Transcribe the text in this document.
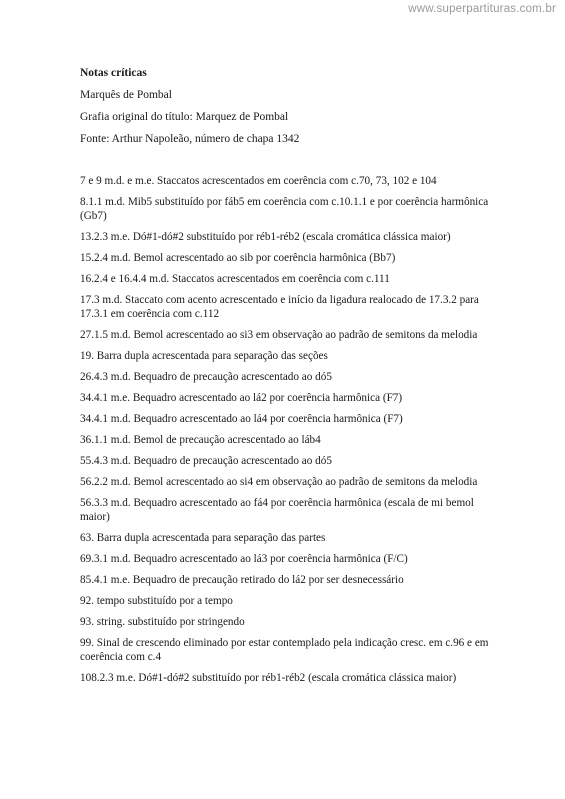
www.superpartituras.com.br

Notas críticas

Marquês de Pombal

Grafia original do título: Marquez de Pombal

Fonte: Arthur Napoleão, número de chapa 1342

7 e 9 m.d. e m.e. Staccatos acrescentados em coerência com c.70, 73, 102 e 104
8.1.1 m.d. Mib5 substituído por fáb5 em coerência com c.10.1.1 e por coerência harmônica (Gb7)
13.2.3 m.e. Dó#1-dó#2 substituído por réb1-réb2 (escala cromática clássica maior)
15.2.4 m.d. Bemol acrescentado ao sib por coerência harmônica (Bb7)
16.2.4 e 16.4.4 m.d. Staccatos acrescentados em coerência com c.111
17.3 m.d. Staccato com acento acrescentado e início da ligadura realocado de 17.3.2 para 17.3.1 em coerência com c.112
27.1.5 m.d. Bemol acrescentado ao si3 em observação ao padrão de semitons da melodia
19. Barra dupla acrescentada para separação das seções
26.4.3 m.d. Bequadro de precaução acrescentado ao dó5
34.4.1 m.e. Bequadro acrescentado ao lá2 por coerência harmônica (F7)
34.4.1 m.d. Bequadro acrescentado ao lá4 por coerência harmônica (F7)
36.1.1 m.d. Bemol de precaução acrescentado ao láb4
55.4.3 m.d. Bequadro de precaução acrescentado ao dó5
56.2.2 m.d. Bemol acrescentado ao si4 em observação ao padrão de semitons da melodia
56.3.3 m.d. Bequadro acrescentado ao fá4 por coerência harmônica (escala de mi bemol maior)
63. Barra dupla acrescentada para separação das partes
69.3.1 m.d. Bequadro acrescentado ao lá3 por coerência harmônica (F/C)
85.4.1 m.e. Bequadro de precaução retirado do lá2 por ser desnecessário
92. tempo substituído por a tempo
93. string. substituído por stringendo
99. Sinal de crescendo eliminado por estar contemplado pela indicação cresc. em c.96 e em coerência com c.4
108.2.3 m.e. Dó#1-dó#2 substituído por réb1-réb2 (escala cromática clássica maior)
